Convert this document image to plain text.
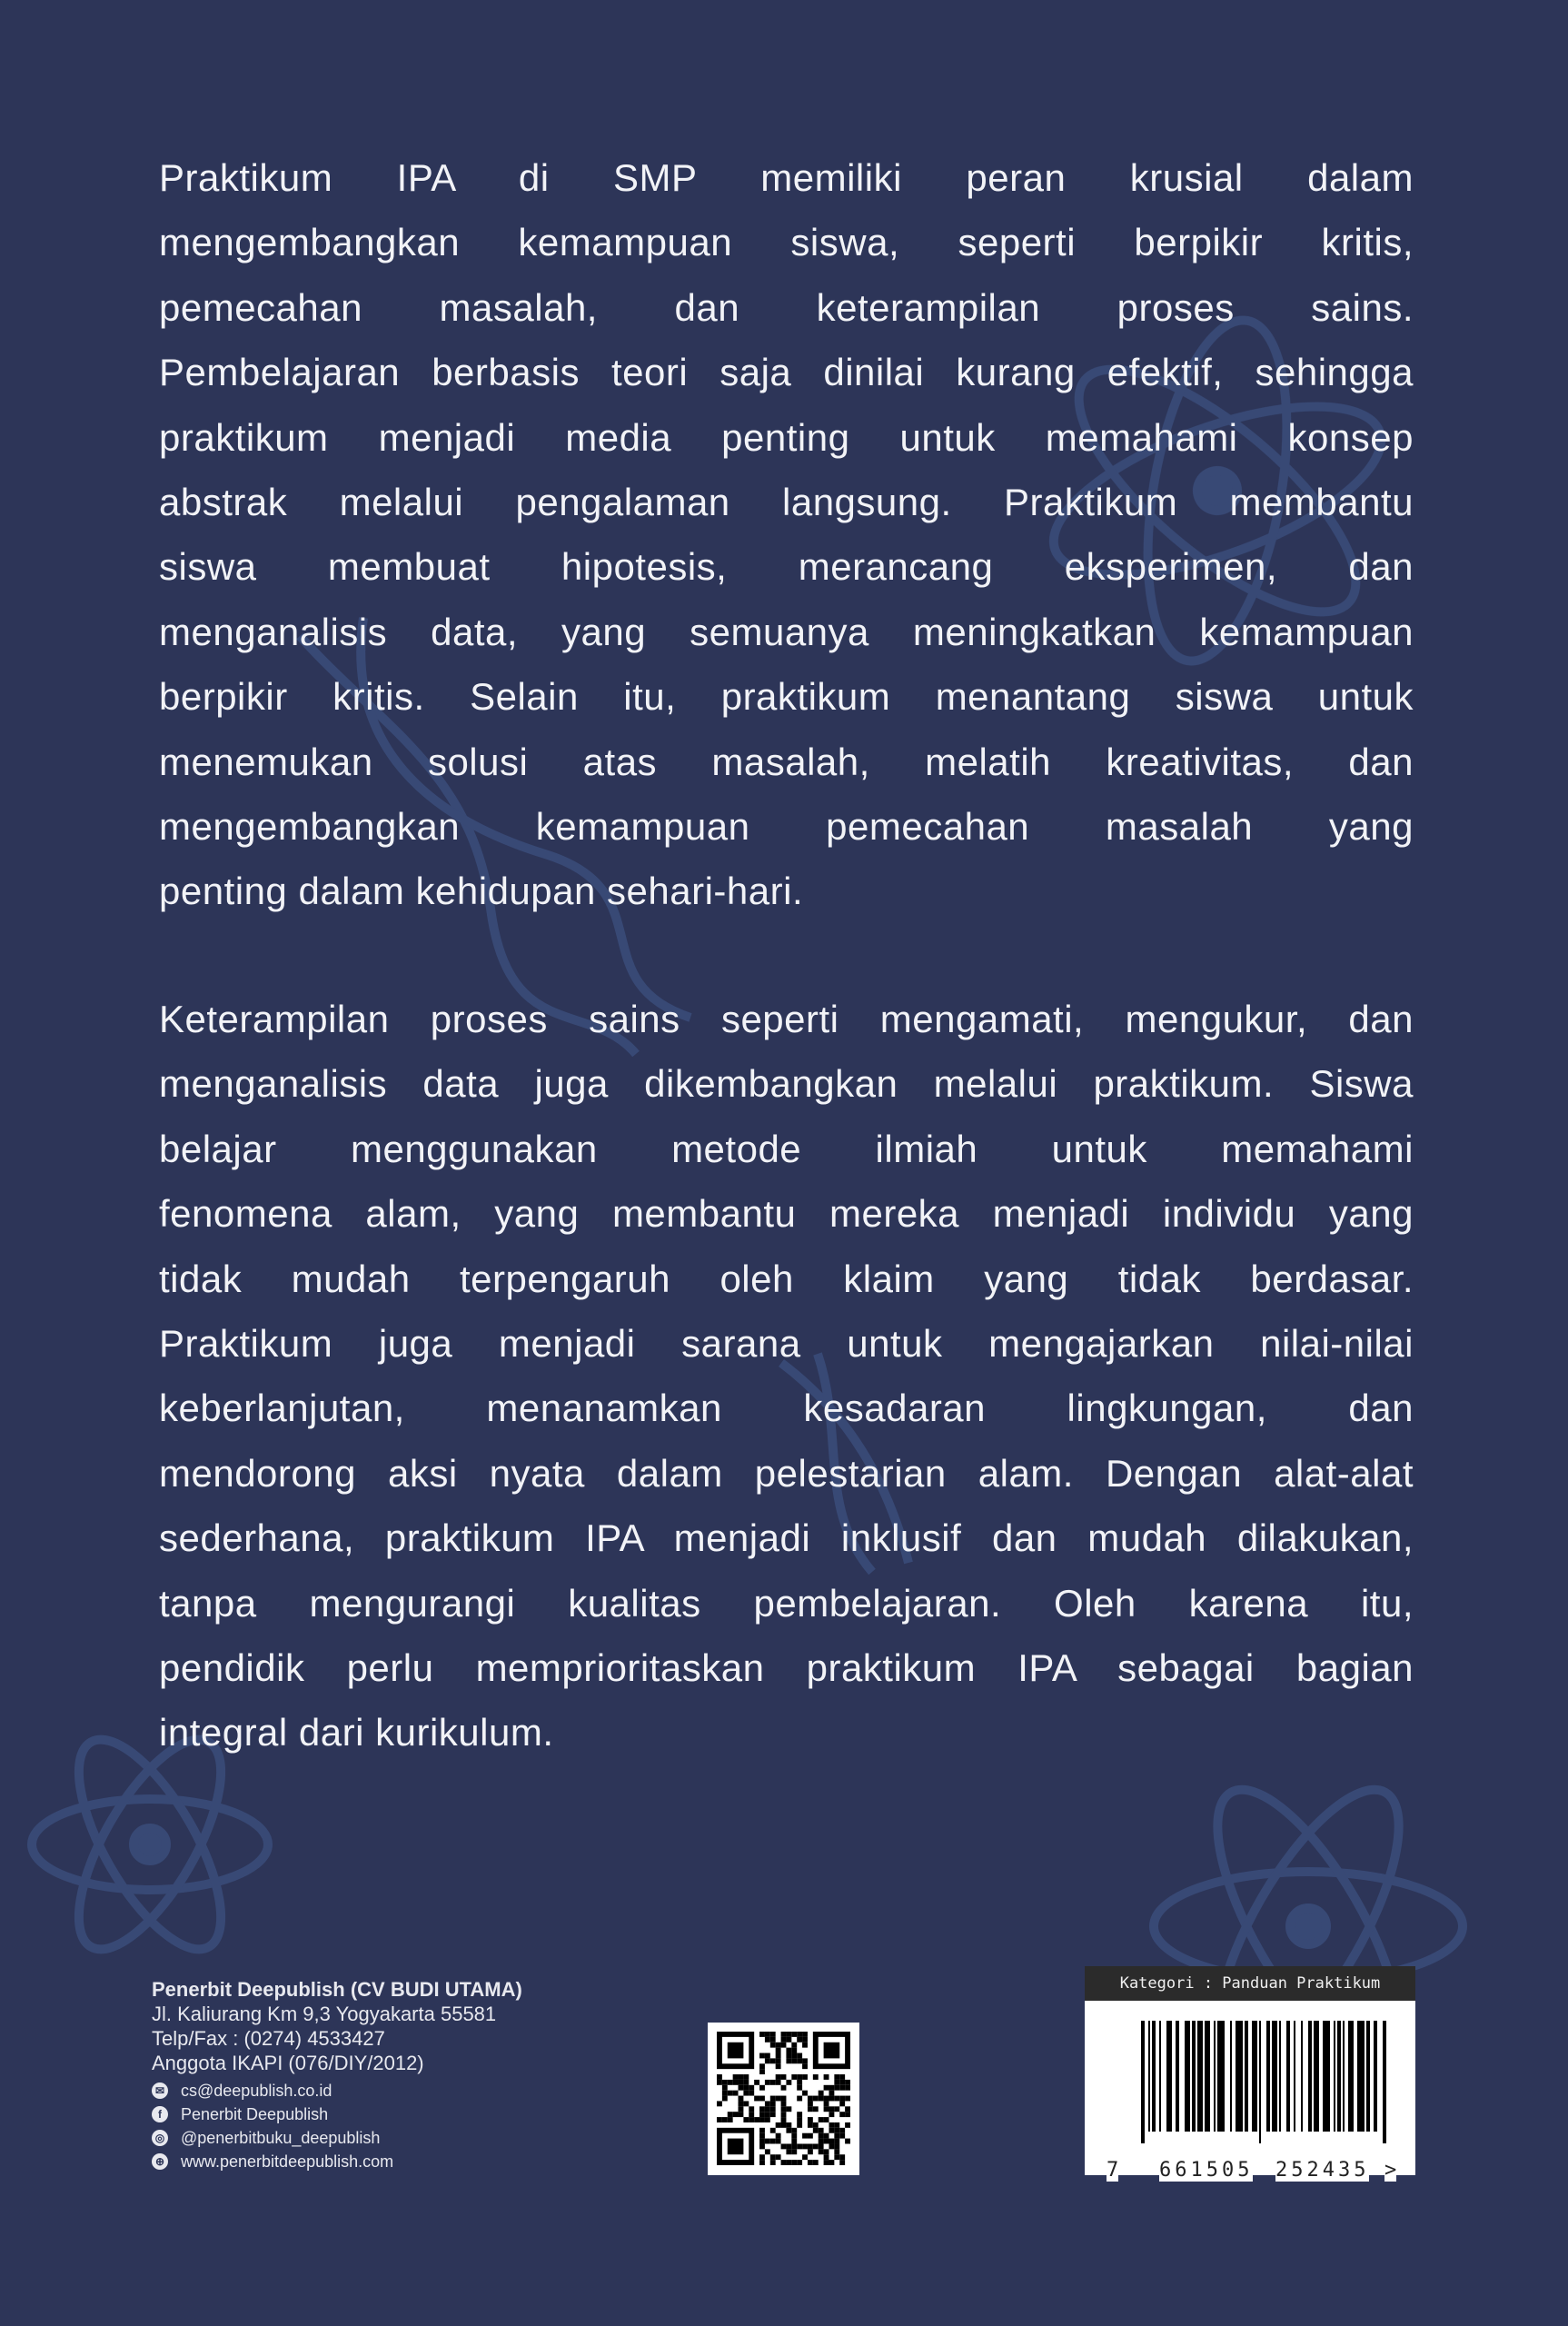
Praktikum IPA di SMP memiliki peran krusial dalam
mengembangkan kemampuan siswa, seperti berpikir kritis,
pemecahan masalah, dan keterampilan proses sains.
Pembelajaran berbasis teori saja dinilai kurang efektif, sehingga
praktikum menjadi media penting untuk memahami konsep
abstrak melalui pengalaman langsung. Praktikum membantu
siswa membuat hipotesis, merancang eksperimen, dan
menganalisis data, yang semuanya meningkatkan kemampuan
berpikir kritis. Selain itu, praktikum menantang siswa untuk
menemukan solusi atas masalah, melatih kreativitas, dan
mengembangkan kemampuan pemecahan masalah yang
penting dalam kehidupan sehari-hari.
Keterampilan proses sains seperti mengamati, mengukur, dan
menganalisis data juga dikembangkan melalui praktikum. Siswa
belajar menggunakan metode ilmiah untuk memahami
fenomena alam, yang membantu mereka menjadi individu yang
tidak mudah terpengaruh oleh klaim yang tidak berdasar.
Praktikum juga menjadi sarana untuk mengajarkan nilai-nilai
keberlanjutan, menanamkan kesadaran lingkungan, dan
mendorong aksi nyata dalam pelestarian alam. Dengan alat-alat
sederhana, praktikum IPA menjadi inklusif dan mudah dilakukan,
tanpa mengurangi kualitas pembelajaran. Oleh karena itu,
pendidik perlu memprioritaskan praktikum IPA sebagai bagian
integral dari kurikulum.
Penerbit Deepublish (CV BUDI UTAMA)
Jl. Kaliurang Km 9,3 Yogyakarta 55581
Telp/Fax : (0274) 4533427
Anggota IKAPI (076/DIY/2012)
✉ cs@deepublish.co.id
f	Penerbit Deepublish
◎ @penerbitbuku_deepublish
⊕ www.penerbitdeepublish.com
Kategori : Panduan Praktikum
7 661505 252435 >
